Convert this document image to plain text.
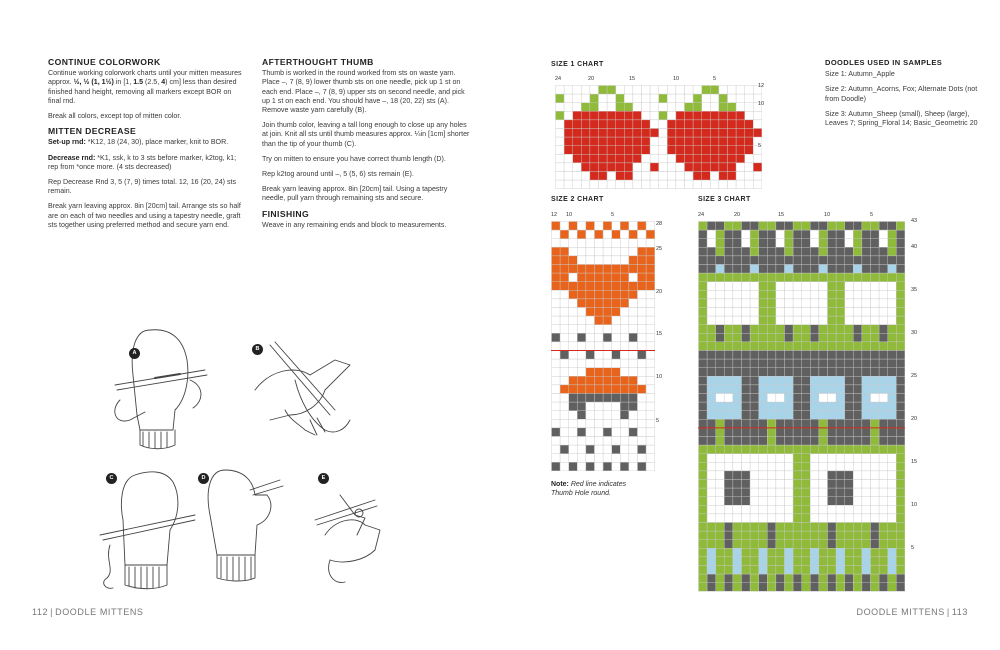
CONTINUE COLORWORK

Continue working colorwork charts until your mitten measures approx. ½, ½ (1, 1½) in [1, 1.5 (2.5, 4) cm] less than desired finished hand height, removing all markers except BOR on final rnd.

Break all colors, except top of mitten color.

MITTEN DECREASE

Set-up rnd: *K12, 18 (24, 30), place marker, knit to BOR.

Decrease rnd: *K1, ssk, k to 3 sts before marker, k2tog, k1; rep from *once more. (4 sts decreased)

Rep Decrease Rnd 3, 5 (7, 9) times total. 12, 16 (20, 24) sts remain.

Break yarn leaving approx. 8in [20cm] tail. Arrange sts so half are on each of two needles and using a tapestry needle, graft sts together using preferred method and secure yarn end.

AFTERTHOUGHT THUMB

Thumb is worked in the round worked from sts on waste yarn. Place –, 7 (8, 9) lower thumb sts on one needle, pick up 1 st on each end. Place –, 7 (8, 9) upper sts on second needle, and pick up 1 st on each end. You should have –, 18 (20, 22) sts (A). Remove waste yarn carefully (B).

Join thumb color, leaving a tall long enough to close up any holes at join. Knit all sts until thumb measures approx. ¼in [1cm] shorter than the tip of your thumb (C).

Try on mitten to ensure you have correct thumb length (D).

Rep k2tog around until –, 5 (5, 6) sts remain (E).

Break yarn leaving approx. 8in [20cm] tail. Using a tapestry needle, pull yarn through remaining sts and secure.

FINISHING

Weave in any remaining ends and block to measurements.

A
B
C	D	E
112 | DOODLE MITTENS
SIZE 1 CHART
24	20	15	10	5
12
10
5
SIZE 2 CHART
12 10	5
28
25
20
15
10
5
Note: Red line indicates Thumb Hole round.
SIZE 3 CHART
24	20	15	10	5
43
40
35
30
25
20
15
10
5
DOODLES USED IN SAMPLES

Size 1: Autumn_Apple

Size 2: Autumn_Acorns, Fox; Alternate Dots (not from Doodle)

Size 3: Autumn_Sheep (small), Sheep (large), Leaves 7; Spring_Floral 14; Basic_Geometric 20

DOODLE MITTENS | 113
